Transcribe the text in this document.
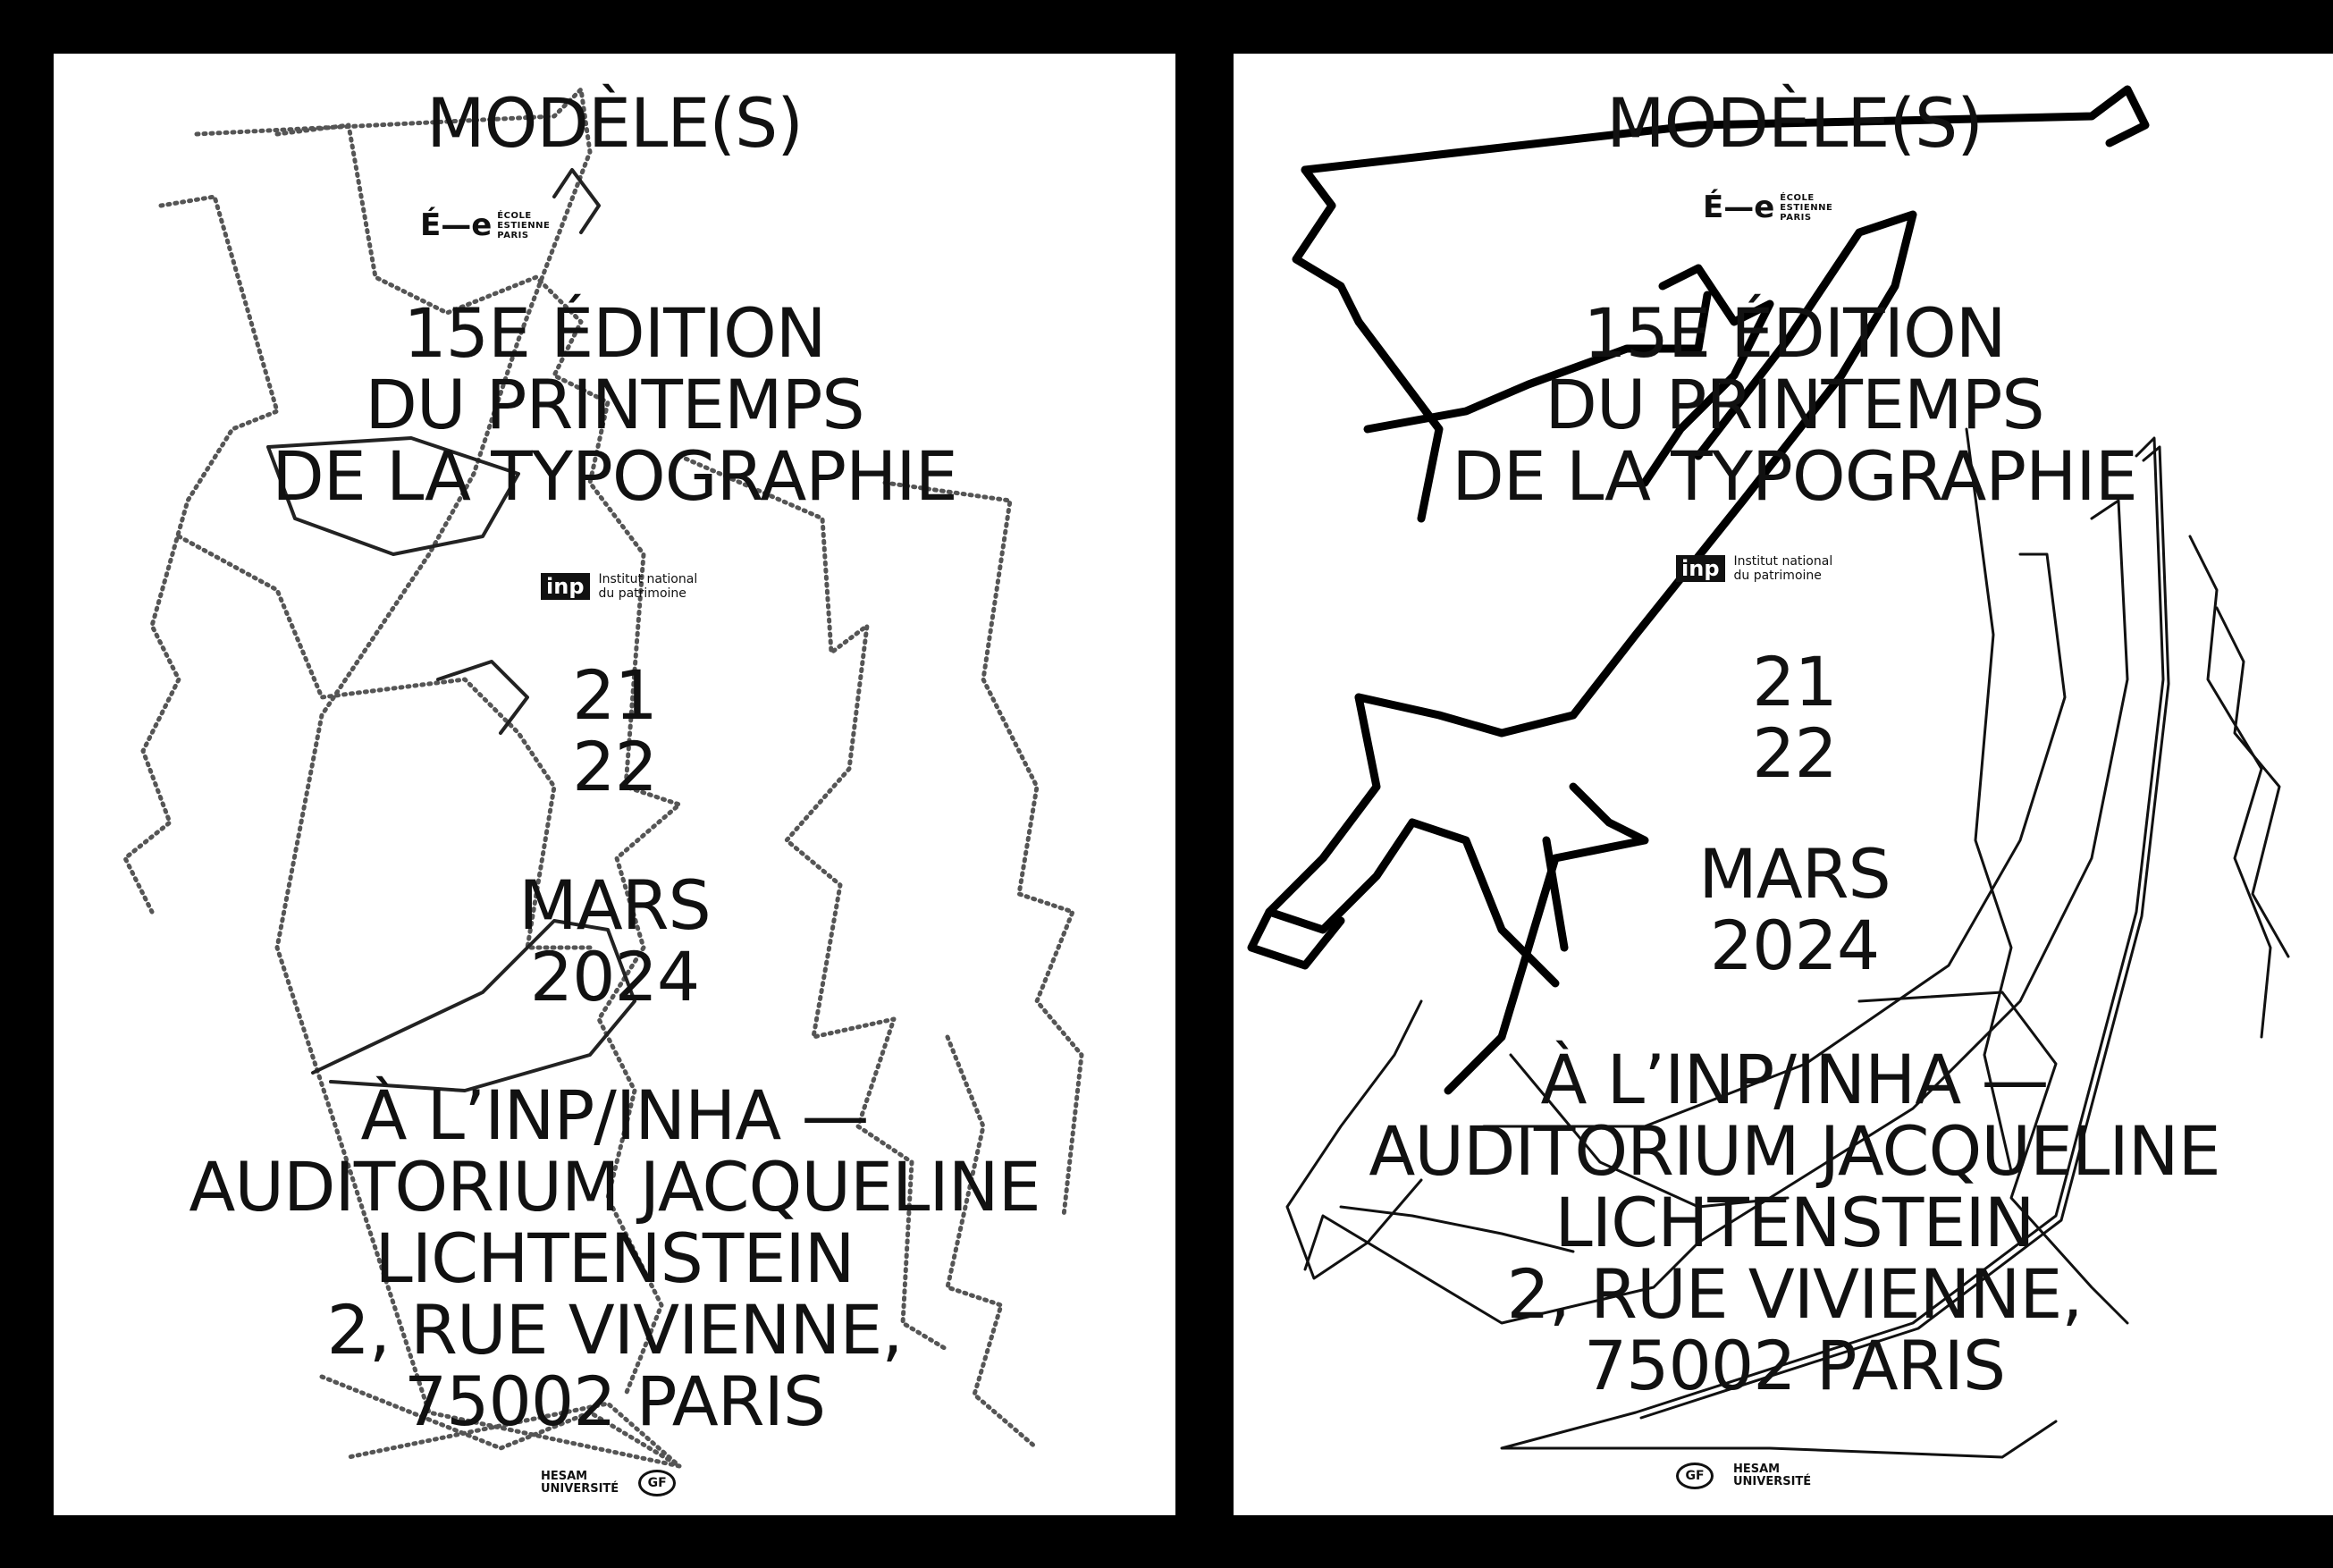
MODÈLE(S)
É—e ÉCOLE
ESTIENNE
PARIS
15E ÉDITION
DU PRINTEMPS
DE LA TYPOGRAPHIE
inp	Institut national
du patrimoine
21
22
MARS
2024
À L’INP/INHA —
AUDITORIUM JACQUELINE
LICHTENSTEIN
2, RUE VIVIENNE,
75002 PARIS
HESAM
UNIVERSITÉ	GF
MODÈLE(S)
É—e ÉCOLE
ESTIENNE
PARIS
15E ÉDITION
DU PRINTEMPS
DE LA TYPOGRAPHIE
inp	Institut national
du patrimoine
21
22
MARS
2024
À L’INP/INHA —
AUDITORIUM JACQUELINE
LICHTENSTEIN
2, RUE VIVIENNE,
75002 PARIS
GF	HESAM
UNIVERSITÉ
